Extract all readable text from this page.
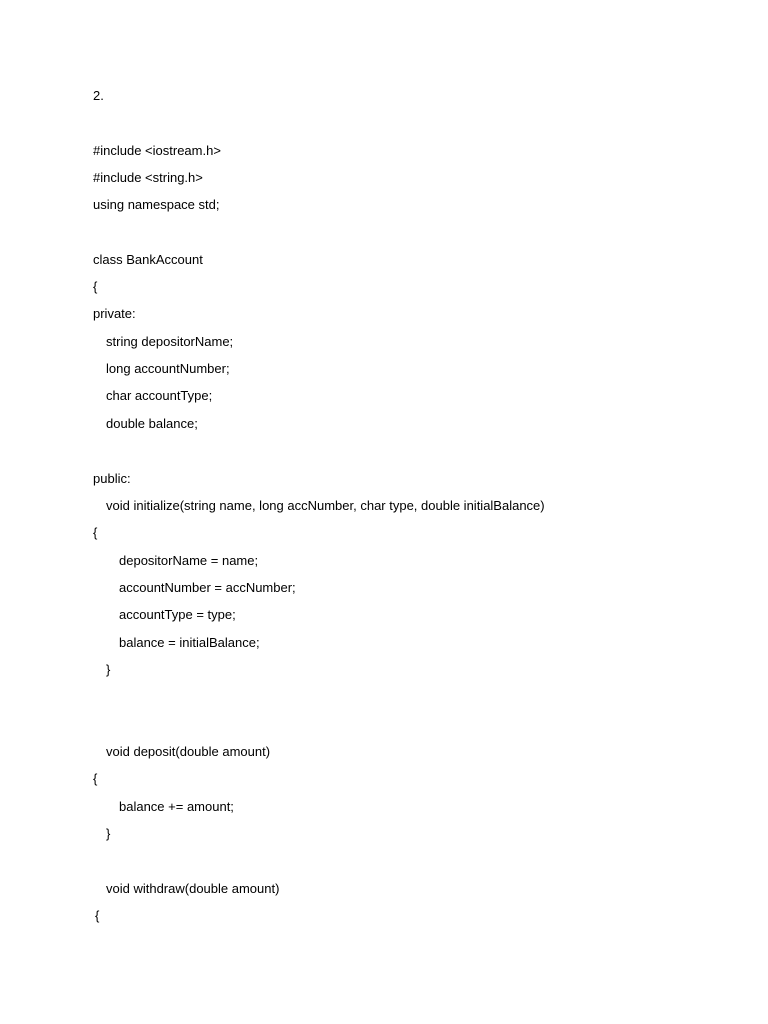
2.
#include <iostream.h>
#include <string.h>
using namespace std;
class BankAccount
{
private:
string depositorName;
long accountNumber;
char accountType;
double balance;
public:
void initialize(string name, long accNumber, char type, double initialBalance)
{
depositorName = name;
accountNumber = accNumber;
accountType = type;
balance = initialBalance;
}
void deposit(double amount)
{
balance += amount;
}
void withdraw(double amount)
{
